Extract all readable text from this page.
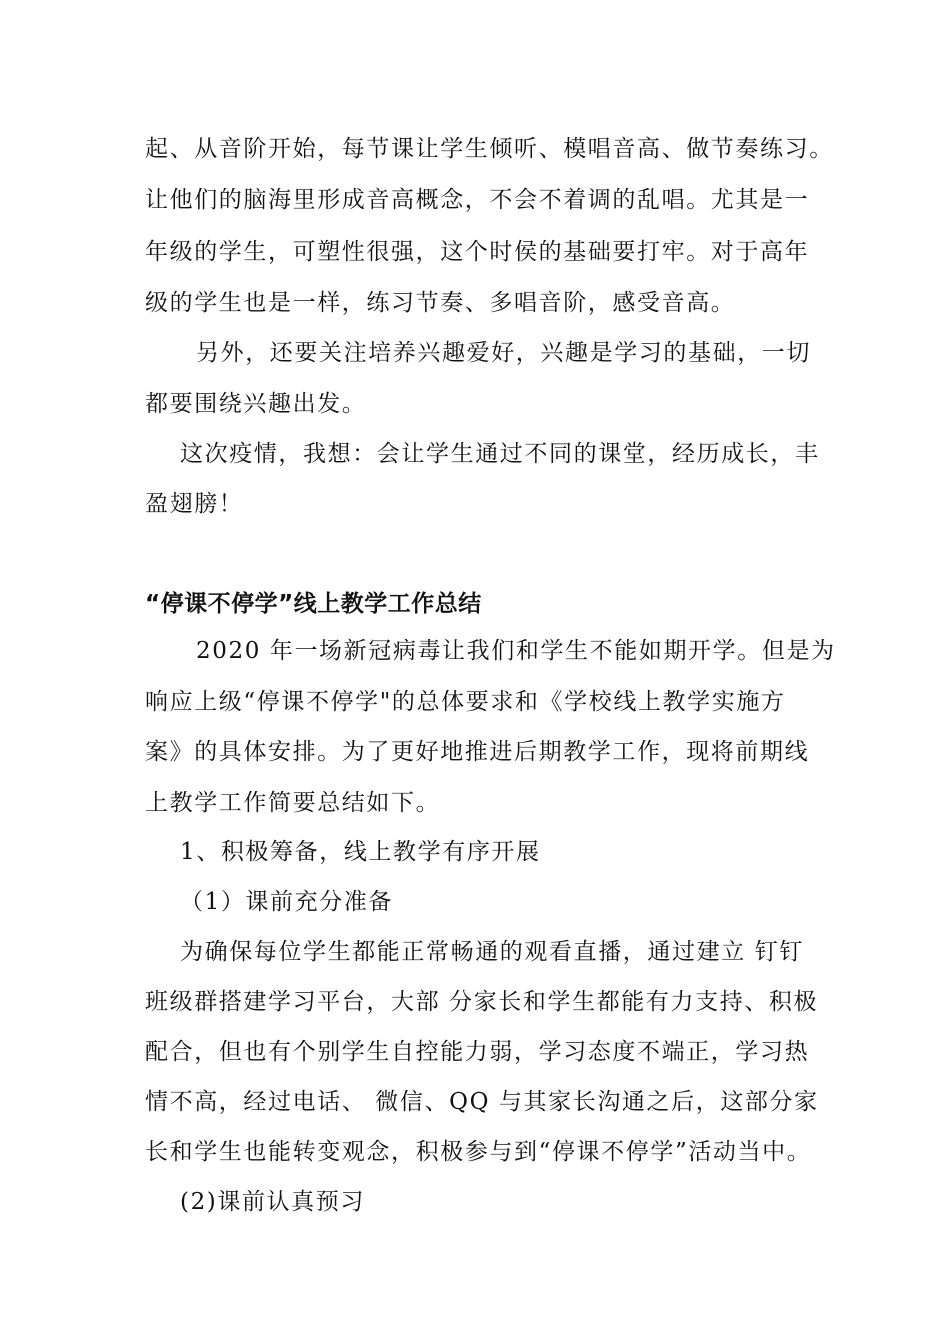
起、从音阶开始，每节课让学生倾听、模唱音高、做节奏练习。
让他们的脑海里形成音高概念，不会不着调的乱唱。尤其是一
年级的学生，可塑性很强，这个时侯的基础要打牢。对于高年
级的学生也是一样，练习节奏、多唱音阶，感受音高。
另外，还要关注培养兴趣爱好，兴趣是学习的基础，一切
都要围绕兴趣出发。
这次疫情，我想：会让学生通过不同的课堂，经历成长，丰
盈翅膀！
“停课不停学”线上教学工作总结
2020 年一场新冠病毒让我们和学生不能如期开学。但是为
响应上级“停课不停学"的总体要求和《学校线上教学实施方
案》的具体安排。为了更好地推进后期教学工作，现将前期线
上教学工作简要总结如下。
1、积极筹备，线上教学有序开展
（1）课前充分准备
为确保每位学生都能正常畅通的观看直播，通过建立 钉钉
班级群搭建学习平台，大部 分家长和学生都能有力支持、积极
配合，但也有个别学生自控能力弱，学习态度不端正，学习热
情不高，经过电话、 微信、QQ 与其家长沟通之后，这部分家
长和学生也能转变观念，积极参与到“停课不停学”活动当中。
(2)课前认真预习
